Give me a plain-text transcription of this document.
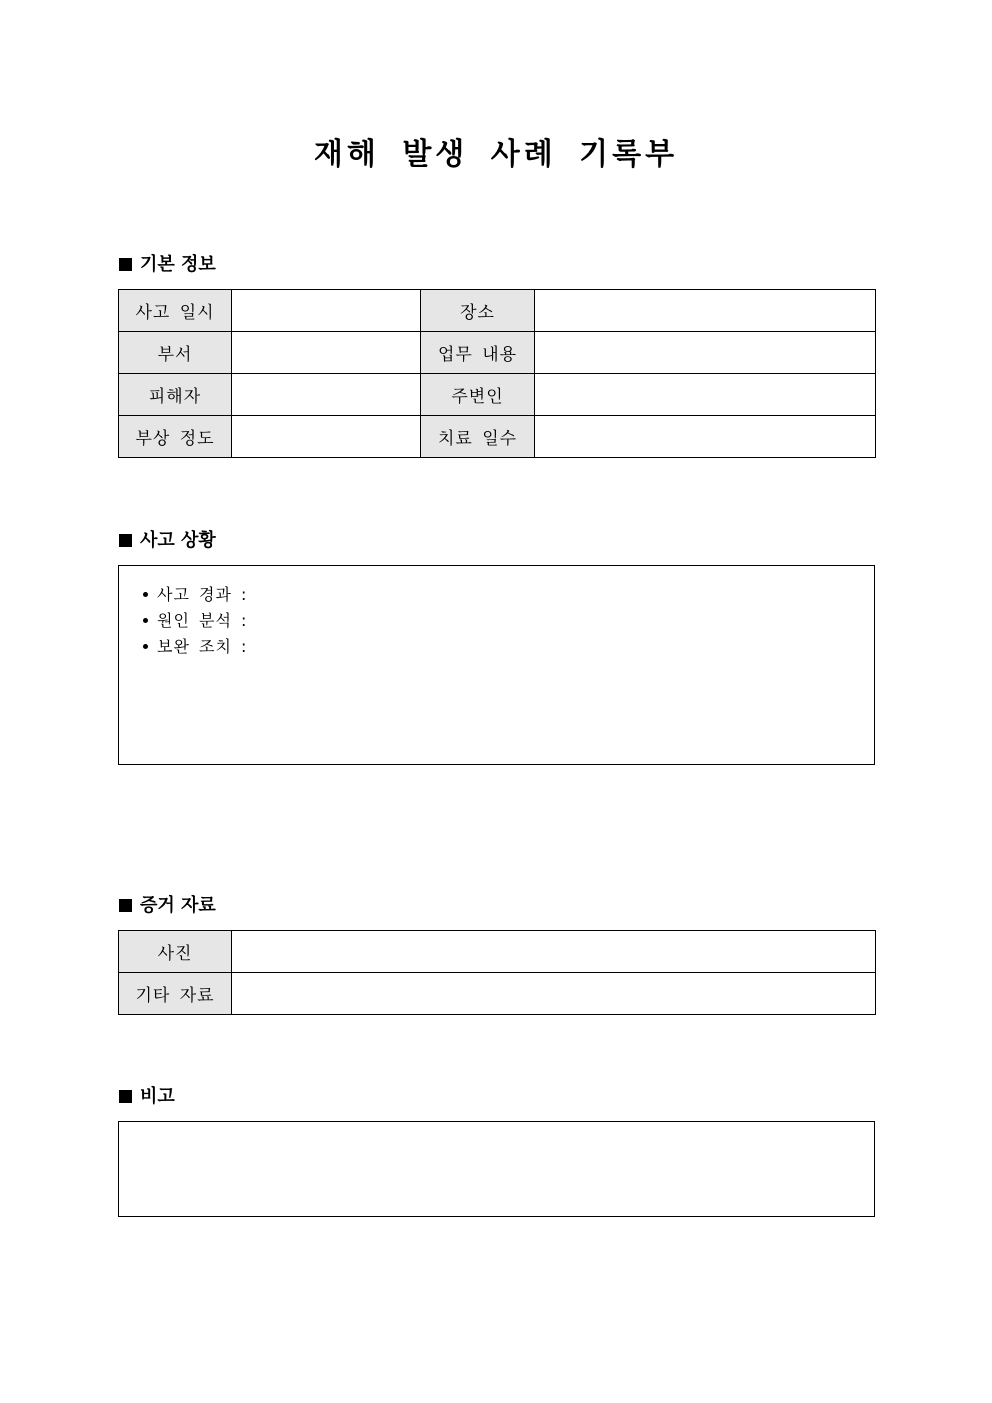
재해 발생 사례 기록부
기본 정보
사고 일시		장소	
부서		업무 내용	
피해자		주변인	
부상 정도		치료 일수	
사고 상황
사고 경과 :
원인 분석 :
보완 조치 :
증거 자료
사진	
기타 자료	
비고
